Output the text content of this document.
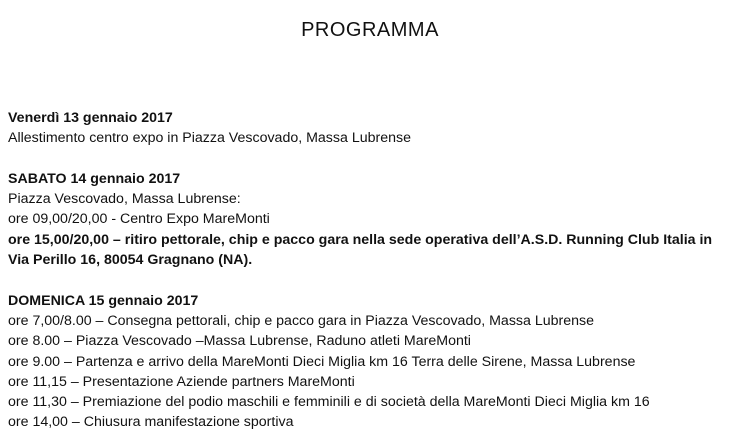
PROGRAMMA
Venerdì 13 gennaio 2017
Allestimento centro expo in Piazza Vescovado, Massa Lubrense
SABATO 14 gennaio 2017
Piazza Vescovado, Massa Lubrense:
ore 09,00/20,00 - Centro Expo MareMonti
ore 15,00/20,00 – ritiro pettorale, chip e pacco gara nella sede operativa dell’A.S.D. Running Club Italia in
Via Perillo 16, 80054 Gragnano (NA).
DOMENICA 15 gennaio 2017
ore 7,00/8.00 – Consegna pettorali, chip e pacco gara in Piazza Vescovado, Massa Lubrense
ore 8.00 – Piazza Vescovado –Massa Lubrense, Raduno atleti MareMonti
ore 9.00 – Partenza e arrivo della MareMonti Dieci Miglia km 16 Terra delle Sirene, Massa Lubrense
ore 11,15 – Presentazione Aziende partners MareMonti
ore 11,30 – Premiazione del podio maschili e femminili e di società della MareMonti Dieci Miglia km 16
ore 14,00 – Chiusura manifestazione sportiva
